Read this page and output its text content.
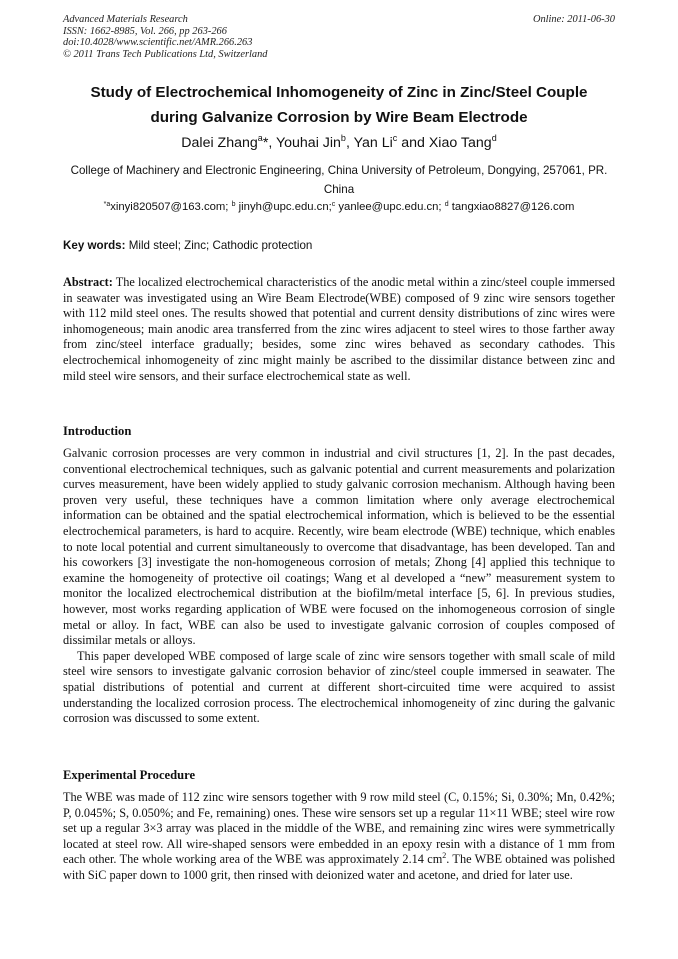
Advanced Materials Research
ISSN: 1662-8985, Vol. 266, pp 263-266
doi:10.4028/www.scientific.net/AMR.266.263
© 2011 Trans Tech Publications Ltd, Switzerland
Online: 2011-06-30
Study of Electrochemical Inhomogeneity of Zinc in Zinc/Steel Couple
during Galvanize Corrosion by Wire Beam Electrode
Dalei Zhang$^a$*, Youhai Jin$^b$, Yan Li$^c$ and Xiao Tang$^d$
College of Machinery and Electronic Engineering, China University of Petroleum, Dongying, 257061, PR. China
$^{*a}$xinyi820507@163.com; $^b$ jinyh@upc.edu.cn;$^c$ yanlee@upc.edu.cn; $^d$ tangxiao8827@126.com
Key words: Mild steel; Zinc; Cathodic protection
Abstract: The localized electrochemical characteristics of the anodic metal within a zinc/steel couple immersed in seawater was investigated using an Wire Beam Electrode(WBE) composed of 9 zinc wire sensors together with 112 mild steel ones. The results showed that potential and current density distributions of zinc wires were inhomogeneous; main anodic area transferred from the zinc wires adjacent to steel wires to those farther away from zinc/steel interface gradually; besides, some zinc wires behaved as secondary cathodes. This electrochemical inhomogeneity of zinc might mainly be ascribed to the dissimilar distance between zinc and mild steel wire sensors, and their surface electrochemical state as well.
Introduction

Galvanic corrosion processes are very common in industrial and civil structures [1, 2]. In the past decades, conventional electrochemical techniques, such as galvanic potential and current measurements and polarization curves measurement, have been widely applied to study galvanic corrosion mechanism. Although having been proven very useful, these techniques have a common limitation where only average electrochemical information can be obtained and the spatial electrochemical information, which is believed to be the essential electrochemical parameters, is hard to acquire. Recently, wire beam electrode (WBE) technique, which enables to note local potential and current simultaneously to overcome that disadvantage, has been developed. Tan and his coworkers [3] investigate the non-homogeneous corrosion of metals; Zhong [4] applied this technique to examine the homogeneity of protective oil coatings; Wang et al developed a “new” measurement system to monitor the localized electrochemical distribution at the biofilm/metal interface [5, 6]. In previous studies, however, most works regarding application of WBE were focused on the inhomogeneous corrosion of single metal or alloy. In fact, WBE can also be used to investigate galvanic corrosion of couples composed of dissimilar metals or alloys.

This paper developed WBE composed of large scale of zinc wire sensors together with small scale of mild steel wire sensors to investigate galvanic corrosion behavior of zinc/steel couple immersed in seawater. The spatial distributions of potential and current at different short-circuited time were acquired to assist understanding the localized corrosion process. The electrochemical inhomogeneity of zinc during the galvanic corrosion was discussed to some extent.

Experimental Procedure
The WBE was made of 112 zinc wire sensors together with 9 row mild steel (C, 0.15%; Si, 0.30%; Mn, 0.42%; P, 0.045%; S, 0.050%; and Fe, remaining) ones. These wire sensors set up a regular 11×11 WBE; steel wire row set up a regular 3×3 array was placed in the middle of the WBE, and remaining zinc wires were symmetrically located at steel row. All wire-shaped sensors were embedded in an epoxy resin with a distance of 1 mm from each other. The whole working area of the WBE was approximately 2.14 $cm^2$. The WBE obtained was polished with SiC paper down to 1000 grit, then rinsed with deionized water and acetone, and dried for later use.
